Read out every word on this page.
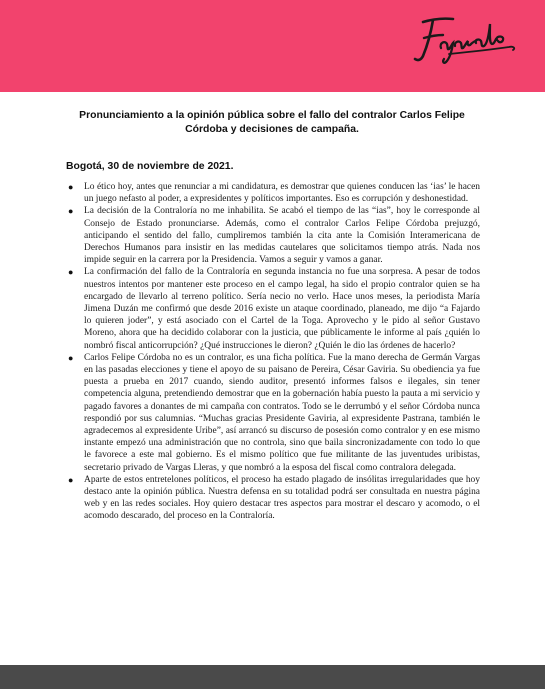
Pronunciamiento a la opinión pública sobre el fallo del contralor Carlos Felipe Córdoba y decisiones de campaña.

Bogotá, 30 de noviembre de 2021.

● Lo ético hoy, antes que renunciar a mi candidatura, es demostrar que quienes conducen las ‘ias’ le hacen un juego nefasto al poder, a expresidentes y políticos importantes. Eso es corrupción y deshonestidad.
● La decisión de la Contraloría no me inhabilita. Se acabó el tiempo de las “ias”, hoy le corresponde al Consejo de Estado pronunciarse. Además, como el contralor Carlos Felipe Córdoba prejuzgó, anticipando el sentido del fallo, cumpliremos también la cita ante la Comisión Interamericana de Derechos Humanos para insistir en las medidas cautelares que solicitamos tiempo atrás. Nada nos impide seguir en la carrera por la Presidencia. Vamos a seguir y vamos a ganar.
● La confirmación del fallo de la Contraloría en segunda instancia no fue una sorpresa. A pesar de todos nuestros intentos por mantener este proceso en el campo legal, ha sido el propio contralor quien se ha encargado de llevarlo al terreno político. Sería necio no verlo. Hace unos meses, la periodista María Jimena Duzán me confirmó que desde 2016 existe un ataque coordinado, planeado, me dijo “a Fajardo lo quieren joder”, y está asociado con el Cartel de la Toga. Aprovecho y le pido al señor Gustavo Moreno, ahora que ha decidido colaborar con la justicia, que públicamente le informe al país ¿quién lo nombró fiscal anticorrupción? ¿Qué instrucciones le dieron? ¿Quién le dio las órdenes de hacerlo?
● Carlos Felipe Córdoba no es un contralor, es una ficha política. Fue la mano derecha de Germán Vargas en las pasadas elecciones y tiene el apoyo de su paisano de Pereira, César Gaviria. Su obediencia ya fue puesta a prueba en 2017 cuando, siendo auditor, presentó informes falsos e ilegales, sin tener competencia alguna, pretendiendo demostrar que en la gobernación había puesto la pauta a mi servicio y pagado favores a donantes de mi campaña con contratos. Todo se le derrumbó y el señor Córdoba nunca respondió por sus calumnias. “Muchas gracias Presidente Gaviria, al expresidente Pastrana, también le agradecemos al expresidente Uribe”, así arrancó su discurso de posesión como contralor y en ese mismo instante empezó una administración que no controla, sino que baila sincronizadamente con todo lo que le favorece a este mal gobierno. Es el mismo político que fue militante de las juventudes uribistas, secretario privado de Vargas Lleras, y que nombró a la esposa del fiscal como contralora delegada.
● Aparte de estos entretelones políticos, el proceso ha estado plagado de insólitas irregularidades que hoy destaco ante la opinión pública. Nuestra defensa en su totalidad podrá ser consultada en nuestra página web y en las redes sociales. Hoy quiero destacar tres aspectos para mostrar el descaro y acomodo, o el acomodo descarado, del proceso en la Contraloría.
